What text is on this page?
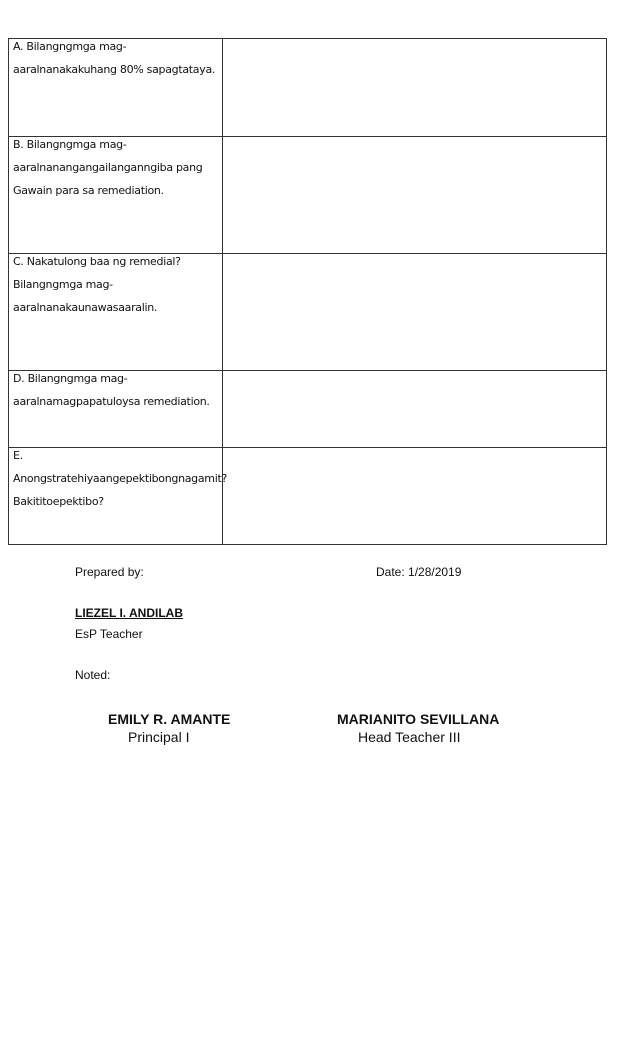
A. Bilangngmga mag-
aaralnanakakuhang 80% sapagtataya.
B. Bilangngmga mag-
aaralnanangangailanganngiba pang
Gawain para sa remediation.
C. Nakatulong baa ng remedial?
Bilangngmga mag-
aaralnanakaunawasaaralin.
D. Bilangngmga mag-
aaralnamagpapatuloysa remediation.
E.
Anongstratehiyaangepektibongnagamit?
Bakititoepektibo?
Prepared by:	Date: 1/28/2019
LIEZEL I. ANDILAB
EsP Teacher
Noted:
EMILY R. AMANTE
Principal I
MARIANITO SEVILLANA
Head Teacher III
